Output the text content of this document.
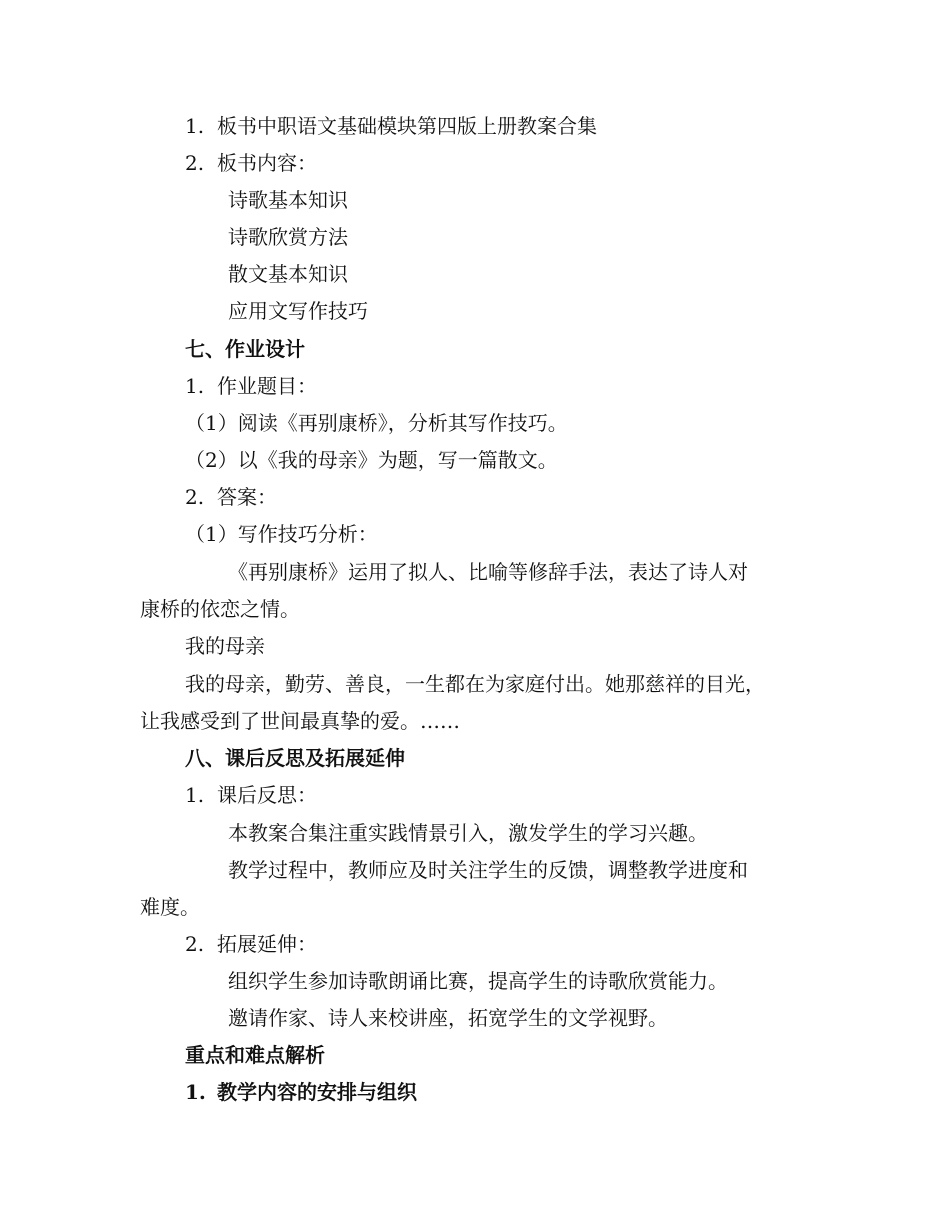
1. 板书中职语文基础模块第四版上册教案合集
2. 板书内容：
诗歌基本知识
诗歌欣赏方法
散文基本知识
应用文写作技巧
七、作业设计
1. 作业题目：
（1）阅读《再别康桥》，分析其写作技巧。
（2）以《我的母亲》为题，写一篇散文。
2. 答案：
（1）写作技巧分析：
《再别康桥》运用了拟人、比喻等修辞手法，表达了诗人对
康桥的依恋之情。
我的母亲
我的母亲，勤劳、善良，一生都在为家庭付出。她那慈祥的目光，
让我感受到了世间最真挚的爱。……
八、课后反思及拓展延伸
1. 课后反思：
本教案合集注重实践情景引入，激发学生的学习兴趣。
教学过程中，教师应及时关注学生的反馈，调整教学进度和
难度。
2. 拓展延伸：
组织学生参加诗歌朗诵比赛，提高学生的诗歌欣赏能力。
邀请作家、诗人来校讲座，拓宽学生的文学视野。
重点和难点解析
1. 教学内容的安排与组织
